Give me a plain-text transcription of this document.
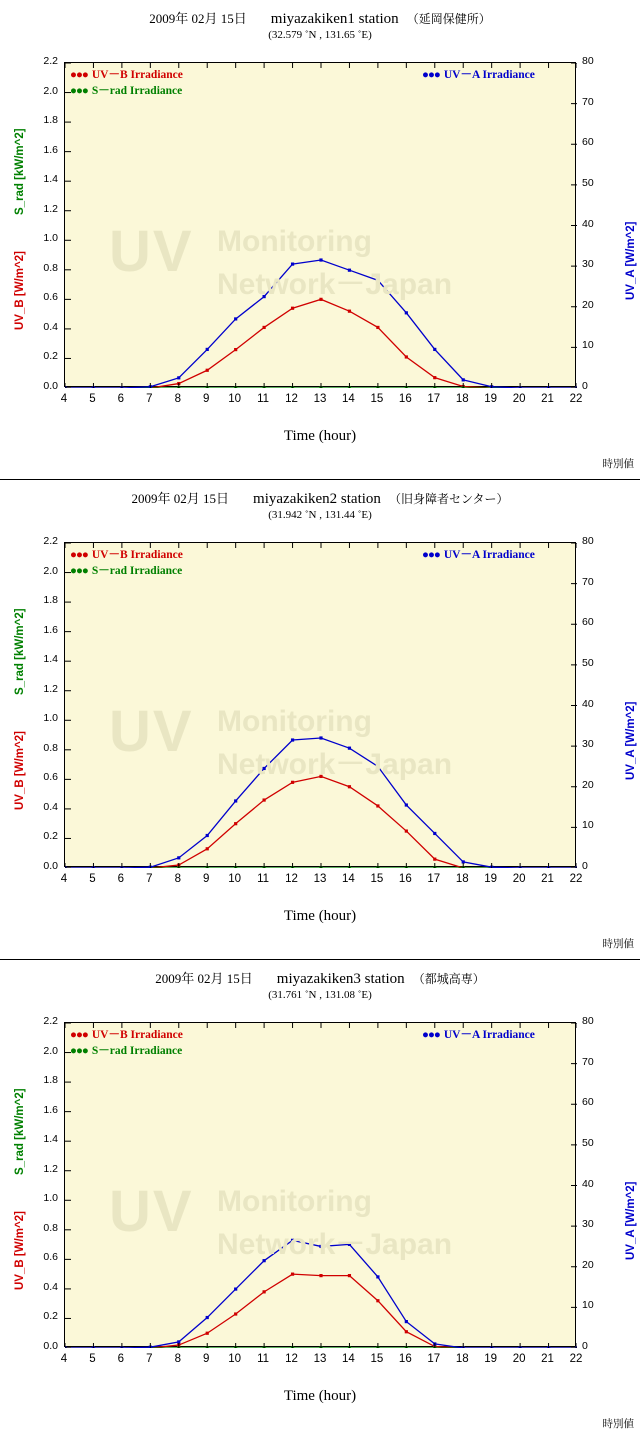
2009年 02月 15日 miyazakiken1 station （延岡保健所）
(32.579 ˚N , 131.65 ˚E)
UV Monitoring
Network－Japan
●●● UV－B Irradiance
●●● S－rad Irradiance
●●● UV－A Irradiance
0.0
0.2
0.4
0.6
0.8
1.0
1.2
1.4
1.6
1.8
2.0
2.2
0
10
20
30
40
50
60
70
80
4	5	6	7	8	9	10	11	12	13	14	15	16	17	18	19	20	21	22
Time (hour)
UV_B [W/m^2]
S_rad [kW/m^2]
UV_A [W/m^2]
時別値
2009年 02月 15日 miyazakiken2 station （旧身障者センター）
(31.942 ˚N , 131.44 ˚E)
UV Monitoring
Network－Japan
●●● UV－B Irradiance
●●● S－rad Irradiance
●●● UV－A Irradiance
0.0
0.2
0.4
0.6
0.8
1.0
1.2
1.4
1.6
1.8
2.0
2.2
0
10
20
30
40
50
60
70
80
4	5	6	7	8	9	10	11	12	13	14	15	16	17	18	19	20	21	22
Time (hour)
UV_B [W/m^2]
S_rad [kW/m^2]
UV_A [W/m^2]
時別値
2009年 02月 15日 miyazakiken3 station （都城高専）
(31.761 ˚N , 131.08 ˚E)
UV Monitoring
Network－Japan
●●● UV－B Irradiance
●●● S－rad Irradiance
●●● UV－A Irradiance
0.0
0.2
0.4
0.6
0.8
1.0
1.2
1.4
1.6
1.8
2.0
2.2
0
10
20
30
40
50
60
70
80
4	5	6	7	8	9	10	11	12	13	14	15	16	17	18	19	20	21	22
Time (hour)
UV_B [W/m^2]
S_rad [kW/m^2]
UV_A [W/m^2]
時別値
